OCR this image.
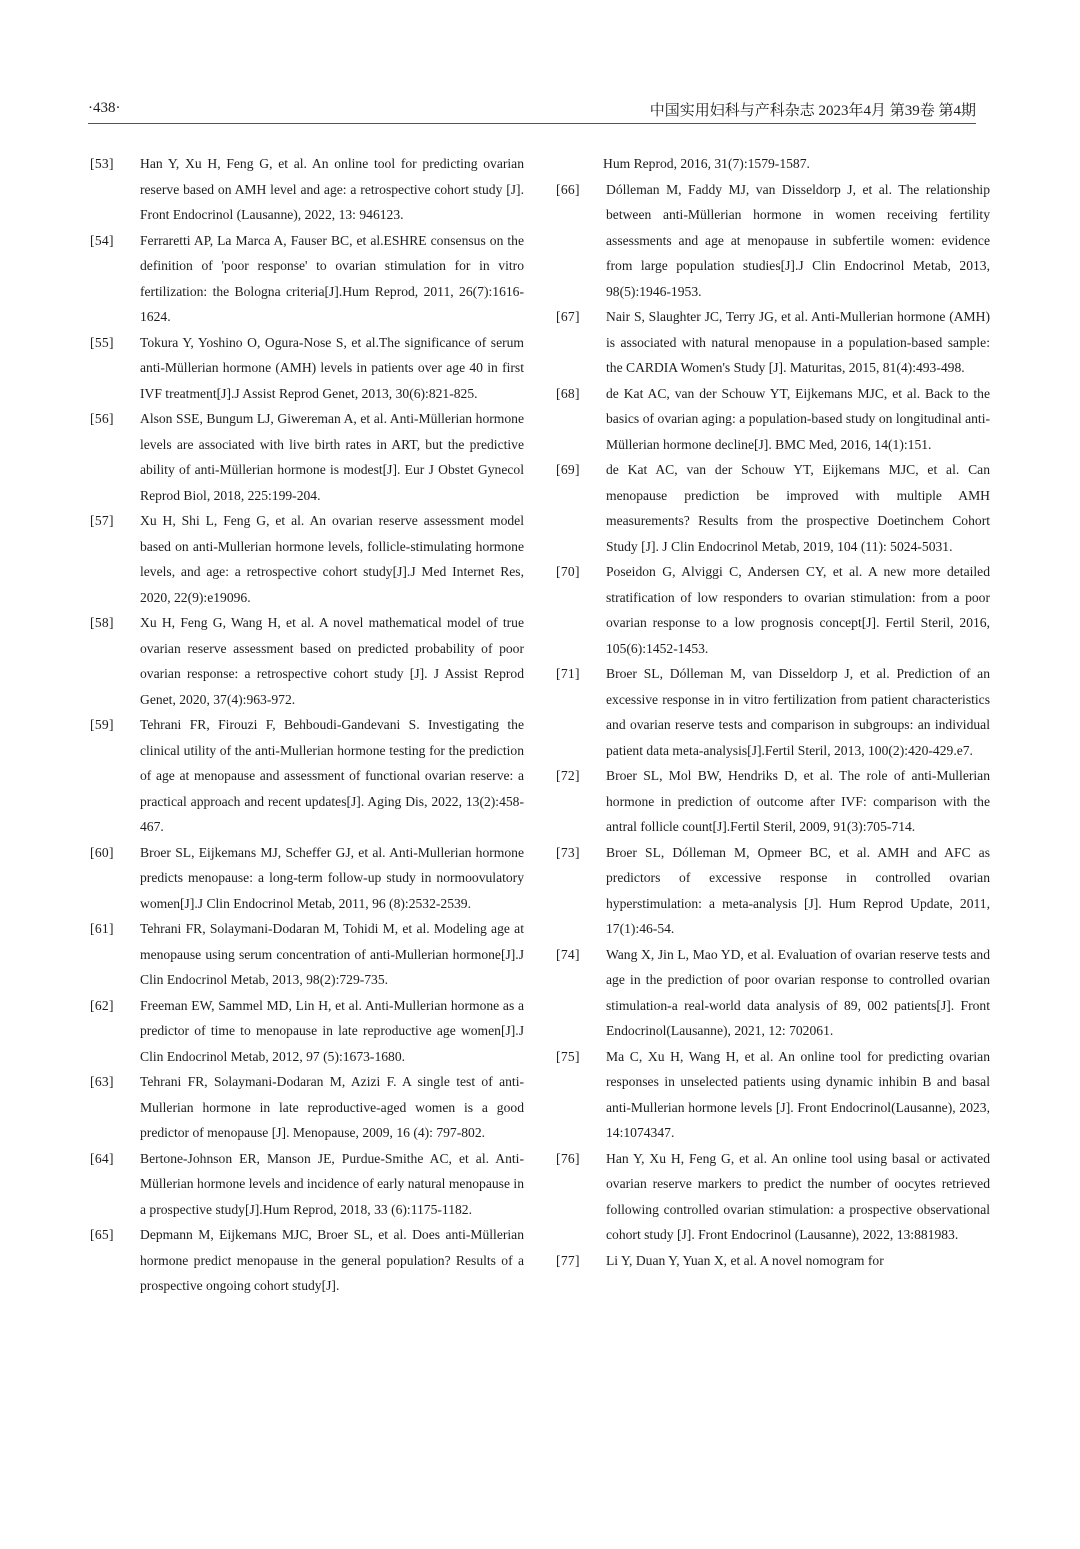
·438·	中国实用妇科与产科杂志 2023年4月 第39卷 第4期
[53]	Han Y, Xu H, Feng G, et al. An online tool for predicting ovarian reserve based on AMH level and age: a retrospective cohort study [J]. Front Endocrinol (Lausanne), 2022, 13: 946123.
[54]	Ferraretti AP, La Marca A, Fauser BC, et al.ESHRE consensus on the definition of 'poor response' to ovarian stimulation for in vitro fertilization: the Bologna criteria[J].Hum Reprod, 2011, 26(7):1616-1624.
[55]	Tokura Y, Yoshino O, Ogura-Nose S, et al.The significance of serum anti-Müllerian hormone (AMH) levels in patients over age 40 in first IVF treatment[J].J Assist Reprod Genet, 2013, 30(6):821-825.
[56]	Alson SSE, Bungum LJ, Giwereman A, et al. Anti-Müllerian hormone levels are associated with live birth rates in ART, but the predictive ability of anti-Müllerian hormone is modest[J]. Eur J Obstet Gynecol Reprod Biol, 2018, 225:199-204.
[57]	Xu H, Shi L, Feng G, et al. An ovarian reserve assessment model based on anti-Mullerian hormone levels, follicle-stimulating hormone levels, and age: a retrospective cohort study[J].J Med Internet Res, 2020, 22(9):e19096.
[58]	Xu H, Feng G, Wang H, et al. A novel mathematical model of true ovarian reserve assessment based on predicted probability of poor ovarian response: a retrospective cohort study [J]. J Assist Reprod Genet, 2020, 37(4):963-972.
[59]	Tehrani FR, Firouzi F, Behboudi-Gandevani S. Investigating the clinical utility of the anti-Mullerian hormone testing for the prediction of age at menopause and assessment of functional ovarian reserve: a practical approach and recent updates[J]. Aging Dis, 2022, 13(2):458-467.
[60]	Broer SL, Eijkemans MJ, Scheffer GJ, et al. Anti-Mullerian hormone predicts menopause: a long-term follow-up study in normoovulatory women[J].J Clin Endocrinol Metab, 2011, 96 (8):2532-2539.
[61]	Tehrani FR, Solaymani-Dodaran M, Tohidi M, et al. Modeling age at menopause using serum concentration of anti-Mullerian hormone[J].J Clin Endocrinol Metab, 2013, 98(2):729-735.
[62]	Freeman EW, Sammel MD, Lin H, et al. Anti-Mullerian hormone as a predictor of time to menopause in late reproductive age women[J].J Clin Endocrinol Metab, 2012, 97 (5):1673-1680.
[63]	Tehrani FR, Solaymani-Dodaran M, Azizi F. A single test of anti-Mullerian hormone in late reproductive-aged women is a good predictor of menopause [J]. Menopause, 2009, 16 (4): 797-802.
[64]	Bertone-Johnson ER, Manson JE, Purdue-Smithe AC, et al. Anti-Müllerian hormone levels and incidence of early natural menopause in a prospective study[J].Hum Reprod, 2018, 33 (6):1175-1182.
[65]	Depmann M, Eijkemans MJC, Broer SL, et al. Does anti-Müllerian hormone predict menopause in the general population? Results of a prospective ongoing cohort study[J].
Hum Reprod, 2016, 31(7):1579-1587.
[66]	Dólleman M, Faddy MJ, van Disseldorp J, et al. The relationship between anti-Müllerian hormone in women receiving fertility assessments and age at menopause in subfertile women: evidence from large population studies[J].J Clin Endocrinol Metab, 2013, 98(5):1946-1953.
[67]	Nair S, Slaughter JC, Terry JG, et al. Anti-Mullerian hormone (AMH) is associated with natural menopause in a population-based sample: the CARDIA Women's Study [J]. Maturitas, 2015, 81(4):493-498.
[68]	de Kat AC, van der Schouw YT, Eijkemans MJC, et al. Back to the basics of ovarian aging: a population-based study on longitudinal anti-Müllerian hormone decline[J]. BMC Med, 2016, 14(1):151.
[69]	de Kat AC, van der Schouw YT, Eijkemans MJC, et al. Can menopause prediction be improved with multiple AMH measurements? Results from the prospective Doetinchem Cohort Study [J]. J Clin Endocrinol Metab, 2019, 104 (11): 5024-5031.
[70]	Poseidon G, Alviggi C, Andersen CY, et al. A new more detailed stratification of low responders to ovarian stimulation: from a poor ovarian response to a low prognosis concept[J]. Fertil Steril, 2016, 105(6):1452-1453.
[71]	Broer SL, Dólleman M, van Disseldorp J, et al. Prediction of an excessive response in in vitro fertilization from patient characteristics and ovarian reserve tests and comparison in subgroups: an individual patient data meta-analysis[J].Fertil Steril, 2013, 100(2):420-429.e7.
[72]	Broer SL, Mol BW, Hendriks D, et al. The role of anti-Mullerian hormone in prediction of outcome after IVF: comparison with the antral follicle count[J].Fertil Steril, 2009, 91(3):705-714.
[73]	Broer SL, Dólleman M, Opmeer BC, et al. AMH and AFC as predictors of excessive response in controlled ovarian hyperstimulation: a meta-analysis [J]. Hum Reprod Update, 2011, 17(1):46-54.
[74]	Wang X, Jin L, Mao YD, et al. Evaluation of ovarian reserve tests and age in the prediction of poor ovarian response to controlled ovarian stimulation-a real-world data analysis of 89, 002 patients[J]. Front Endocrinol(Lausanne), 2021, 12: 702061.
[75]	Ma C, Xu H, Wang H, et al. An online tool for predicting ovarian responses in unselected patients using dynamic inhibin B and basal anti-Mullerian hormone levels [J]. Front Endocrinol(Lausanne), 2023, 14:1074347.
[76]	Han Y, Xu H, Feng G, et al. An online tool using basal or activated ovarian reserve markers to predict the number of oocytes retrieved following controlled ovarian stimulation: a prospective observational cohort study [J]. Front Endocrinol (Lausanne), 2022, 13:881983.
[77]	Li Y, Duan Y, Yuan X, et al. A novel nomogram for
